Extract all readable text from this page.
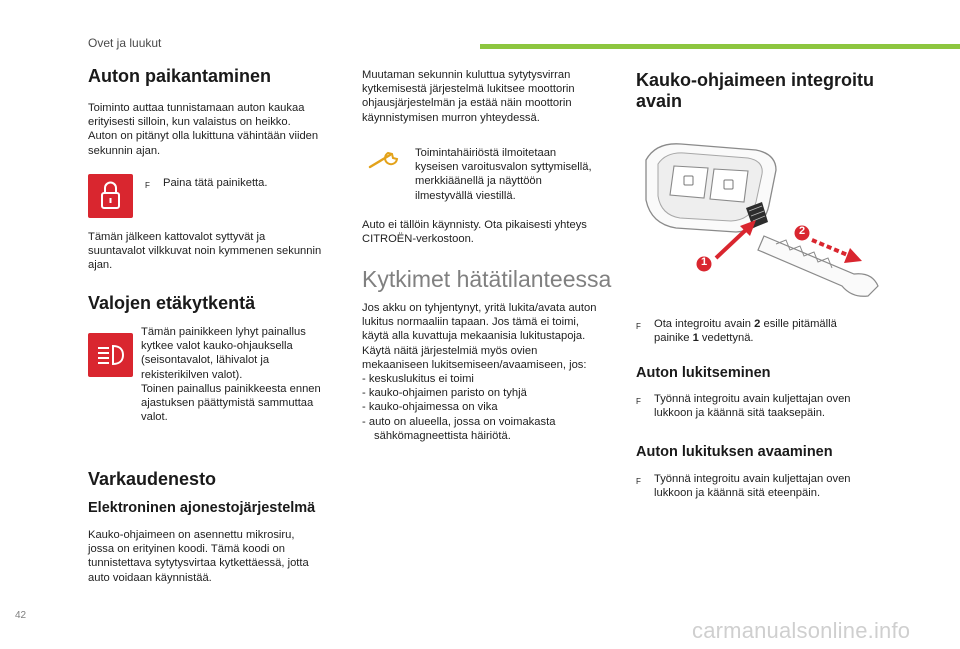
Ovet ja luukut
Auton paikantaminen

Toiminto auttaa tunnistamaan auton kaukaa
erityisesti silloin, kun valaistus on heikko.
Auton on pitänyt olla lukittuna vähintään viiden
sekunnin ajan.

F Paina tätä painiketta.

Tämän jälkeen kattovalot syttyvät ja
suuntavalot vilkkuvat noin kymmenen sekunnin
ajan.

Valojen etäkytkentä

Tämän painikkeen lyhyt painallus
kytkee valot kauko-ohjauksella
(seisontavalot, lähivalot ja
rekisterikilven valot).
Toinen painallus painikkeesta ennen
ajastuksen päättymistä sammuttaa
valot.

Varkaudenesto
Elektroninen ajonestojärjestelmä

Kauko-ohjaimeen on asennettu mikrosiru,
jossa on erityinen koodi. Tämä koodi on
tunnistettava sytytysvirtaa kytkettäessä, jotta
auto voidaan käynnistää.

Muutaman sekunnin kuluttua sytytysvirran
kytkemisestä järjestelmä lukitsee moottorin
ohjausjärjestelmän ja estää näin moottorin
käynnistymisen murron yhteydessä.

Toimintahäiriöstä ilmoitetaan
kyseisen varoitusvalon syttymisellä,
merkkiäänellä ja näyttöön
ilmestyvällä viestillä.

Auto ei tällöin käynnisty. Ota pikaisesti yhteys
CITROËN-verkostoon.

Kytkimet hätätilanteessa

Jos akku on tyhjentynyt, yritä lukita/avata auton
lukitus normaaliin tapaan. Jos tämä ei toimi,
käytä alla kuvattuja mekaanisia lukitustapoja.
Käytä näitä järjestelmiä myös ovien
mekaaniseen lukitsemiseen/avaamiseen, jos:

- keskuslukitus ei toimi
- kauko-ohjaimen paristo on tyhjä
- kauko-ohjaimessa on vika
- auto on alueella, jossa on voimakasta
sähkömagneettista häiriötä.
Kauko-ohjaimeen integroitu
avain
1
2
F Ota integroitu avain 2 esille pitämällä
painike 1 vedettynä.
Auton lukitseminen
F Työnnä integroitu avain kuljettajan oven
lukkoon ja käännä sitä taaksepäin.
Auton lukituksen avaaminen
F Työnnä integroitu avain kuljettajan oven
lukkoon ja käännä sitä eteenpäin.
42
carmanualsonline.info
